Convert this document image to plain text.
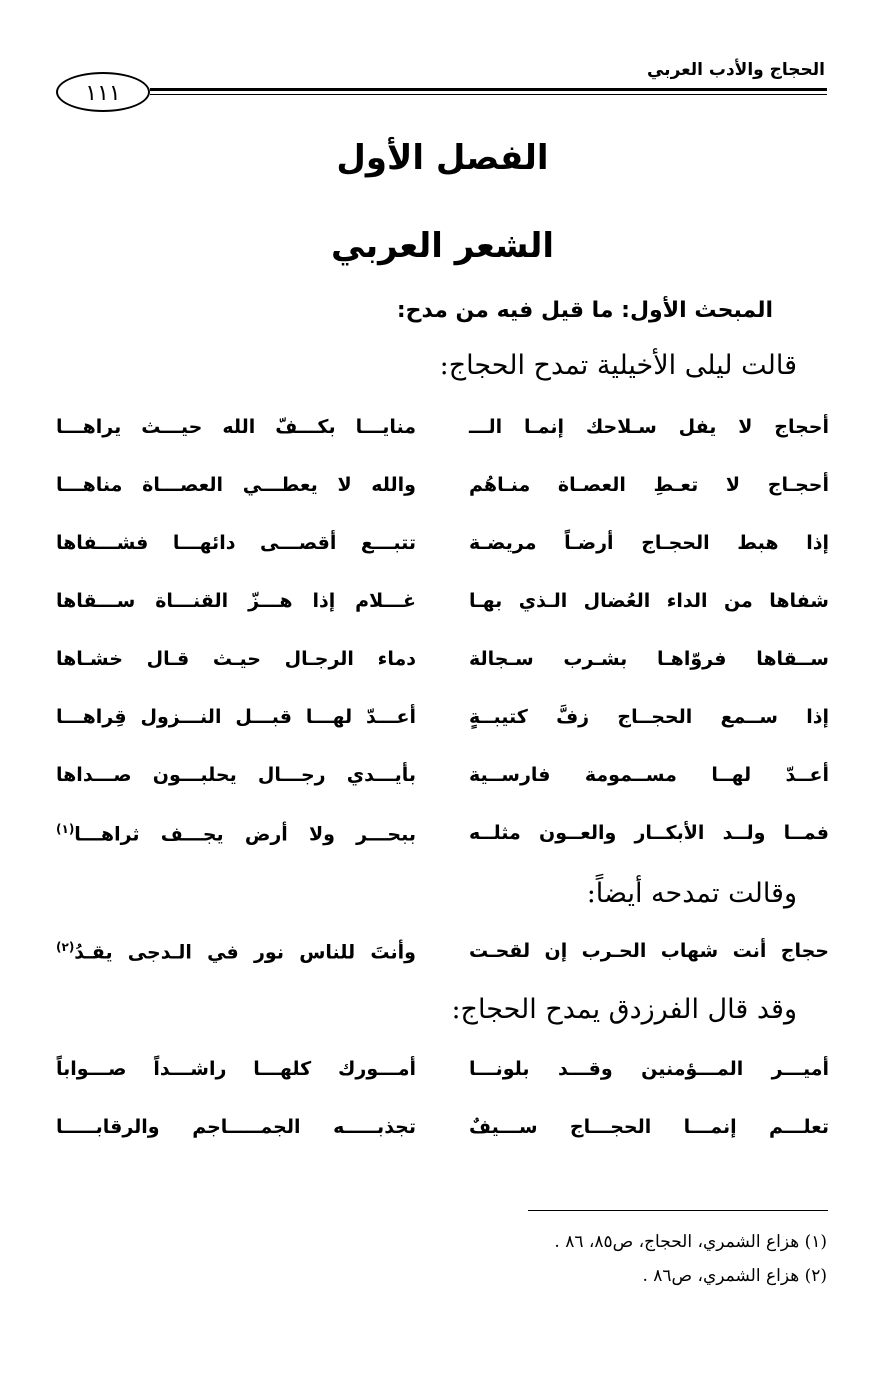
الحجاج والأدب العربي
١١١
الفصل الأول
الشعر العربي
المبحث الأول: ما قيل فيه من مدح:
قالت ليلى الأخيلية تمدح الحجاج:
أحجاج لا يفل سـلاحك إنمـا الـــ
منايـــا بكـــفّ الله حيـــث يراهـــا
أحجـاج لا تعـطِ العصـاة منـاهُم
والله لا يعطـــي العصـــاة مناهـــا
إذا هبط الحجـاج أرضـاً مريضـة
تتبـــع أقصـــى دائهـــا فشـــفاها
شفاها من الداء العُضال الـذي بهـا
غـــلام إذا هـــزّ القنـــاة ســـقاها
ســقاها فروّاهـا بشـرب سـجالة
دماء الرجـال حيـث قـال خشـاها
إذا ســمع الحجــاج زفَّ كتيبــةٍ
أعـــدّ لهـــا قبـــل النـــزول قِراهـــا
أعــدّ لهــا مســمومة فارســية
بأيـــدي رجـــال يحلبـــون صـــداها
فمــا ولــد الأبكــار والعــون مثلــه
ببحـــر ولا أرض يجـــف ثراهـــا$^{(١)}$
وقالت تمدحه أيضاً:
حجاج أنت شهاب الحـرب إن لقحـت
وأنتَ للناس نور في الـدجى يقـدُ$^{(٢)}$
وقد قال الفرزدق يمدح الحجاج:
أميـــر المـــؤمنين وقـــد بلونـــا
أمـــورك كلهـــا راشـــداً صـــواباً
تعلـــم إنمـــا الحجـــاج ســـيفٌ
تجذبـــــه الجمـــــاجم والرقابـــــا
(١) هزاع الشمري، الحجاج، ص٨٥، ٨٦ .
(٢) هزاع الشمري، ص٨٦ .
